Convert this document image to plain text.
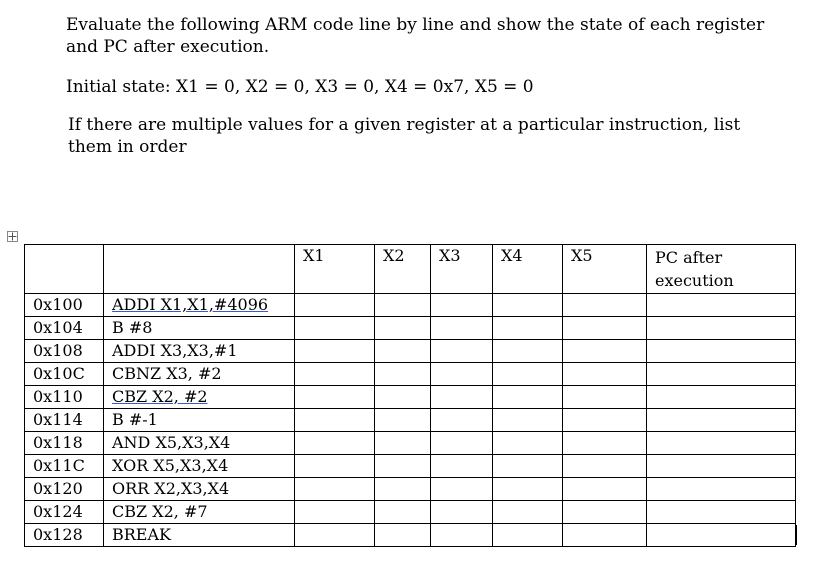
Evaluate the following ARM code line by line and show the state of each register and PC after execution.
Initial state: X1 = 0, X2 = 0, X3 = 0, X4 = 0x7, X5 = 0
If there are multiple values for a given register at a particular instruction, list them in order
		X1	X2	X3	X4	X5	PC after execution
0x100	ADDI X1,X1,#4096						
0x104	B #8						
0x108	ADDI X3,X3,#1						
0x10C	CBNZ X3, #2						
0x110	CBZ X2, #2						
0x114	B #-1						
0x118	AND X5,X3,X4						
0x11C	XOR X5,X3,X4						
0x120	ORR X2,X3,X4						
0x124	CBZ X2, #7						
0x128	BREAK						
